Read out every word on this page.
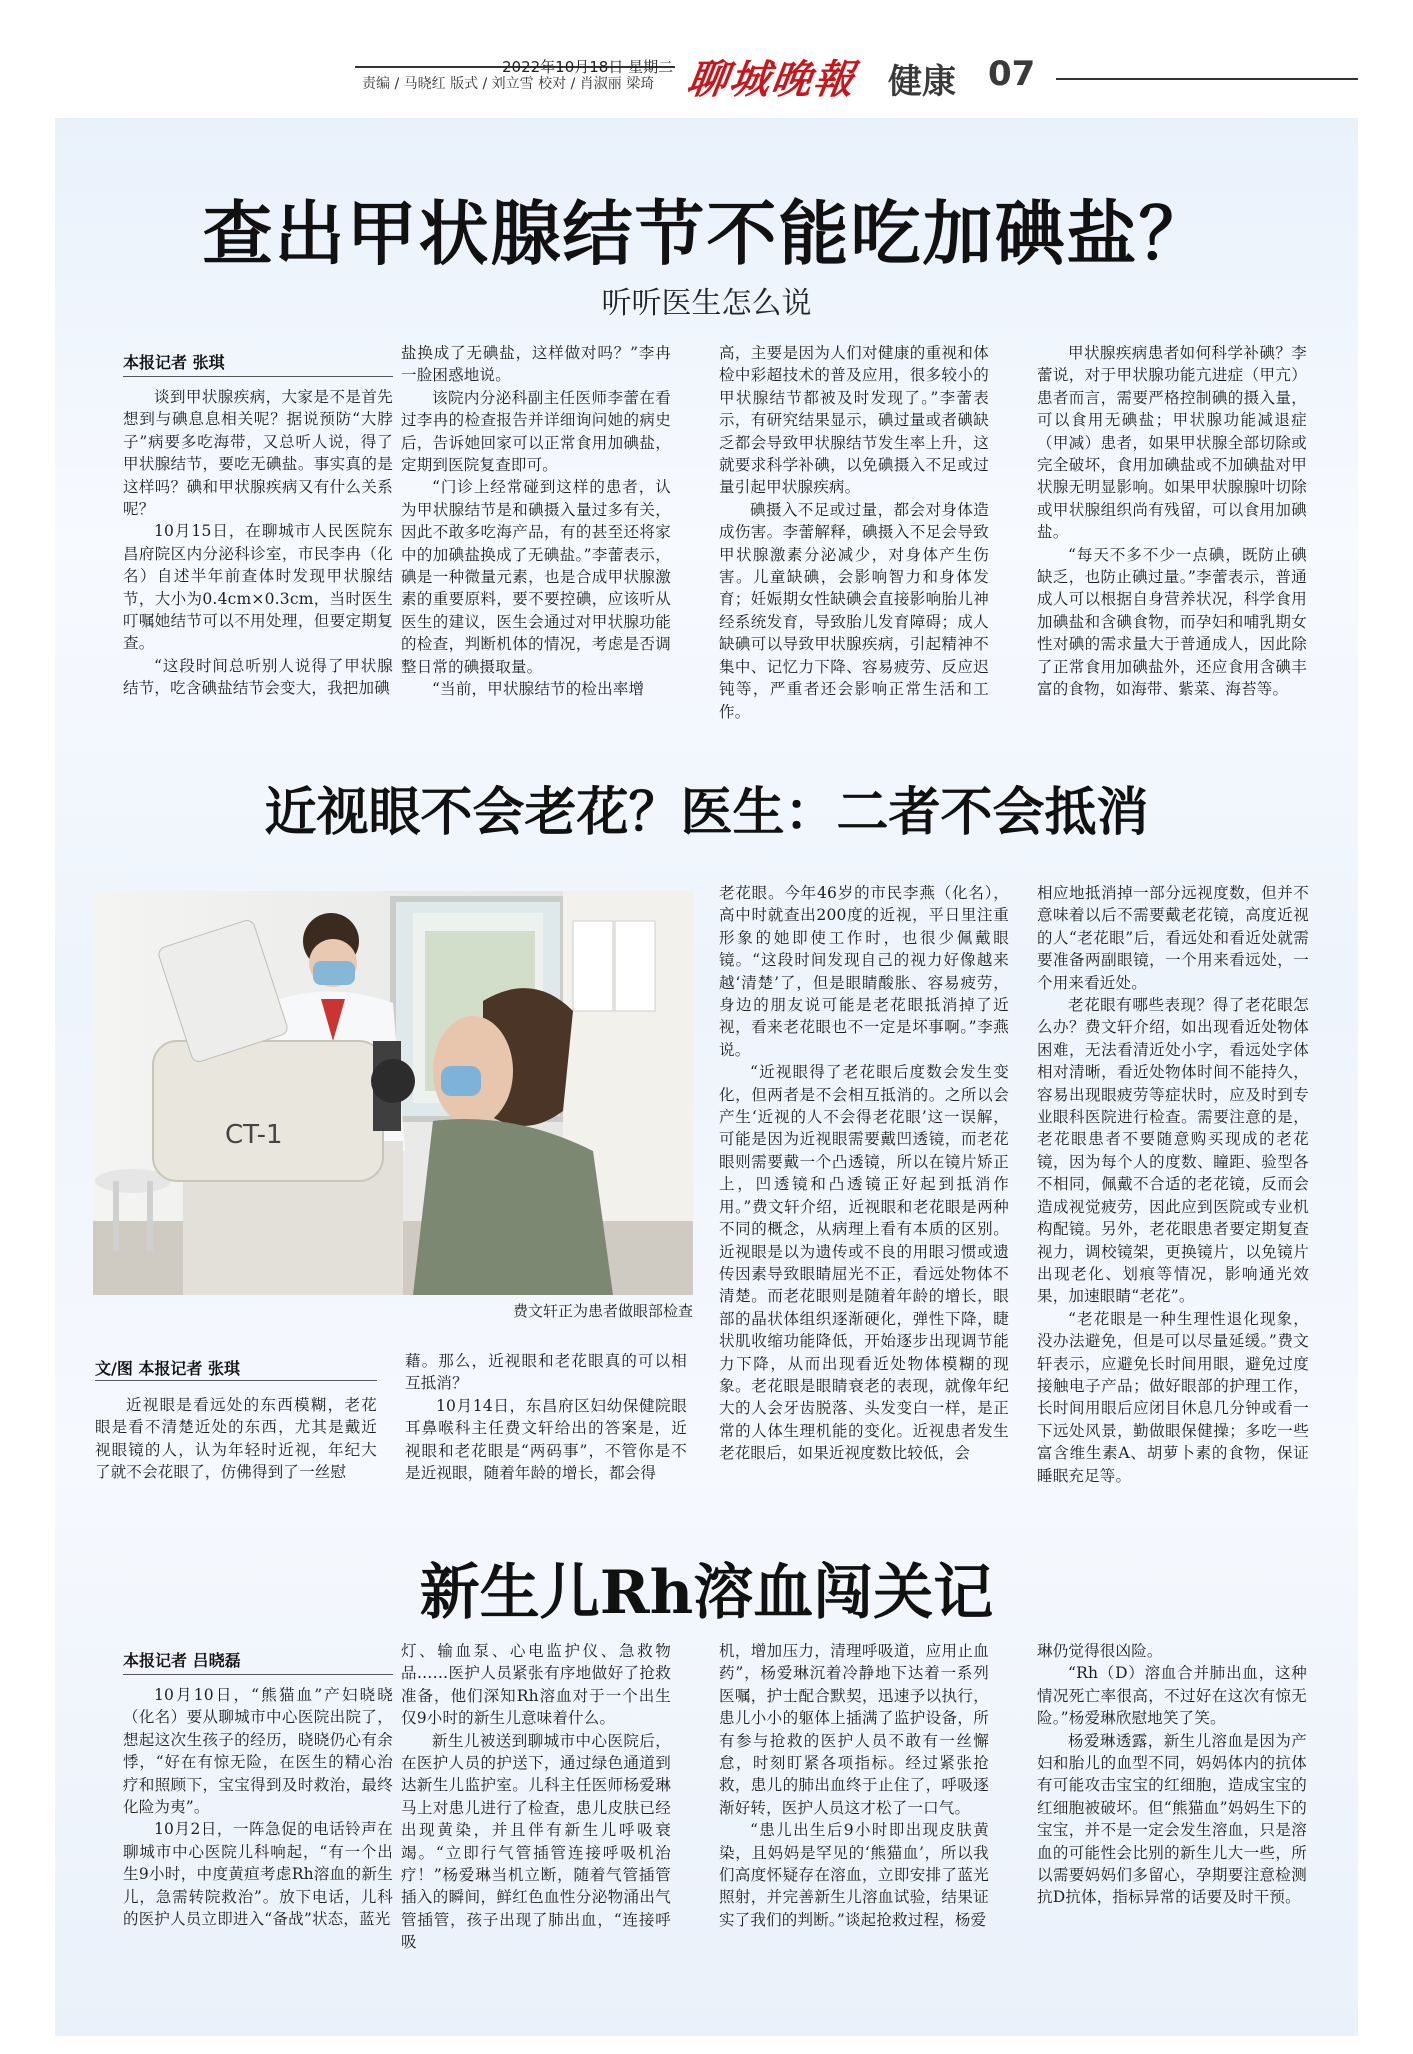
2022年10月18日 星期二
责编 / 马晓红 版式 / 刘立雪 校对 / 肖淑丽 梁琦 聊城晚報 健康 07
查出甲状腺结节不能吃加碘盐？
听听医生怎么说
本报记者 张琪

谈到甲状腺疾病，大家是不是首先想到与碘息息相关呢？据说预防“大脖子”病要多吃海带，又总听人说，得了甲状腺结节，要吃无碘盐。事实真的是这样吗？碘和甲状腺疾病又有什么关系呢？

10月15日，在聊城市人民医院东昌府院区内分泌科诊室，市民李冉（化名）自述半年前查体时发现甲状腺结节，大小为0.4cm×0.3cm，当时医生叮嘱她结节可以不用处理，但要定期复查。

“这段时间总听别人说得了甲状腺结节，吃含碘盐结节会变大，我把加碘

盐换成了无碘盐，这样做对吗？”李冉一脸困惑地说。

该院内分泌科副主任医师李蕾在看过李冉的检查报告并详细询问她的病史后，告诉她回家可以正常食用加碘盐，定期到医院复查即可。

“门诊上经常碰到这样的患者，认为甲状腺结节是和碘摄入量过多有关，因此不敢多吃海产品，有的甚至还将家中的加碘盐换成了无碘盐。”李蕾表示，碘是一种微量元素，也是合成甲状腺激素的重要原料，要不要控碘，应该听从医生的建议，医生会通过对甲状腺功能的检查，判断机体的情况，考虑是否调整日常的碘摄取量。

“当前，甲状腺结节的检出率增

高，主要是因为人们对健康的重视和体检中彩超技术的普及应用，很多较小的甲状腺结节都被及时发现了。”李蕾表示，有研究结果显示，碘过量或者碘缺乏都会导致甲状腺结节发生率上升，这就要求科学补碘，以免碘摄入不足或过量引起甲状腺疾病。

碘摄入不足或过量，都会对身体造成伤害。李蕾解释，碘摄入不足会导致甲状腺激素分泌减少，对身体产生伤害。儿童缺碘，会影响智力和身体发育；妊娠期女性缺碘会直接影响胎儿神经系统发育，导致胎儿发育障碍；成人缺碘可以导致甲状腺疾病，引起精神不集中、记忆力下降、容易疲劳、反应迟钝等，严重者还会影响正常生活和工作。

甲状腺疾病患者如何科学补碘？李蕾说，对于甲状腺功能亢进症（甲亢）患者而言，需要严格控制碘的摄入量，可以食用无碘盐；甲状腺功能减退症（甲减）患者，如果甲状腺全部切除或完全破坏，食用加碘盐或不加碘盐对甲状腺无明显影响。如果甲状腺腺叶切除或甲状腺组织尚有残留，可以食用加碘盐。

“每天不多不少一点碘，既防止碘缺乏，也防止碘过量。”李蕾表示，普通成人可以根据自身营养状况，科学食用加碘盐和含碘食物，而孕妇和哺乳期女性对碘的需求量大于普通成人，因此除了正常食用加碘盐外，还应食用含碘丰富的食物，如海带、紫菜、海苔等。

近视眼不会老花？医生：二者不会抵消
CT-1
费文轩正为患者做眼部检查
文/图 本报记者 张琪

近视眼是看远处的东西模糊，老花眼是看不清楚近处的东西，尤其是戴近视眼镜的人，认为年轻时近视，年纪大了就不会花眼了，仿佛得到了一丝慰

藉。那么，近视眼和老花眼真的可以相互抵消？

10月14日，东昌府区妇幼保健院眼耳鼻喉科主任费文轩给出的答案是，近视眼和老花眼是“两码事”，不管你是不是近视眼，随着年龄的增长，都会得

老花眼。今年46岁的市民李燕（化名），高中时就查出200度的近视，平日里注重形象的她即使工作时，也很少佩戴眼镜。“这段时间发现自己的视力好像越来越‘清楚’了，但是眼睛酸胀、容易疲劳，身边的朋友说可能是老花眼抵消掉了近视，看来老花眼也不一定是坏事啊。”李燕说。

“近视眼得了老花眼后度数会发生变化，但两者是不会相互抵消的。之所以会产生‘近视的人不会得老花眼’这一误解，可能是因为近视眼需要戴凹透镜，而老花眼则需要戴一个凸透镜，所以在镜片矫正上，凹透镜和凸透镜正好起到抵消作用。”费文轩介绍，近视眼和老花眼是两种不同的概念，从病理上看有本质的区别。近视眼是以为遗传或不良的用眼习惯或遗传因素导致眼睛屈光不正，看远处物体不清楚。而老花眼则是随着年龄的增长，眼部的晶状体组织逐渐硬化，弹性下降，睫状肌收缩功能降低，开始逐步出现调节能力下降，从而出现看近处物体模糊的现象。老花眼是眼睛衰老的表现，就像年纪大的人会牙齿脱落、头发变白一样，是正常的人体生理机能的变化。近视患者发生老花眼后，如果近视度数比较低，会

相应地抵消掉一部分远视度数，但并不意味着以后不需要戴老花镜，高度近视的人“老花眼”后，看远处和看近处就需要准备两副眼镜，一个用来看远处，一个用来看近处。

老花眼有哪些表现？得了老花眼怎么办？费文轩介绍，如出现看近处物体困难，无法看清近处小字，看远处字体相对清晰，看近处物体时间不能持久，容易出现眼疲劳等症状时，应及时到专业眼科医院进行检查。需要注意的是，老花眼患者不要随意购买现成的老花镜，因为每个人的度数、瞳距、验型各不相同，佩戴不合适的老花镜，反而会造成视觉疲劳，因此应到医院或专业机构配镜。另外，老花眼患者要定期复查视力，调校镜架，更换镜片，以免镜片出现老化、划痕等情况，影响通光效果，加速眼睛“老花”。

“老花眼是一种生理性退化现象，没办法避免，但是可以尽量延缓。”费文轩表示，应避免长时间用眼，避免过度接触电子产品；做好眼部的护理工作，长时间用眼后应闭目休息几分钟或看一下远处风景，勤做眼保健操；多吃一些富含维生素A、胡萝卜素的食物，保证睡眠充足等。

新生儿Rh溶血闯关记
本报记者 吕晓磊

10月10日，“熊猫血”产妇晓晓（化名）要从聊城市中心医院出院了，想起这次生孩子的经历，晓晓仍心有余悸，“好在有惊无险，在医生的精心治疗和照顾下，宝宝得到及时救治，最终化险为夷”。

10月2日，一阵急促的电话铃声在聊城市中心医院儿科响起，“有一个出生9小时，中度黄疸考虑Rh溶血的新生儿，急需转院救治”。放下电话，儿科的医护人员立即进入“备战”状态，蓝光

灯、输血泵、心电监护仪、急救物品……医护人员紧张有序地做好了抢救准备，他们深知Rh溶血对于一个出生仅9小时的新生儿意味着什么。

新生儿被送到聊城市中心医院后，在医护人员的护送下，通过绿色通道到达新生儿监护室。儿科主任医师杨爱琳马上对患儿进行了检查，患儿皮肤已经出现黄染，并且伴有新生儿呼吸衰竭。“立即行气管插管连接呼吸机治疗！”杨爱琳当机立断，随着气管插管插入的瞬间，鲜红色血性分泌物涌出气管插管，孩子出现了肺出血，“连接呼吸

机，增加压力，清理呼吸道，应用止血药”，杨爱琳沉着冷静地下达着一系列医嘱，护士配合默契，迅速予以执行，患儿小小的躯体上插满了监护设备，所有参与抢救的医护人员不敢有一丝懈怠，时刻盯紧各项指标。经过紧张抢救，患儿的肺出血终于止住了，呼吸逐渐好转，医护人员这才松了一口气。

“患儿出生后9小时即出现皮肤黄染，且妈妈是罕见的‘熊猫血’，所以我们高度怀疑存在溶血，立即安排了蓝光照射，并完善新生儿溶血试验，结果证实了我们的判断。”谈起抢救过程，杨爱

琳仍觉得很凶险。

“Rh（D）溶血合并肺出血，这种情况死亡率很高，不过好在这次有惊无险。”杨爱琳欣慰地笑了笑。

杨爱琳透露，新生儿溶血是因为产妇和胎儿的血型不同，妈妈体内的抗体有可能攻击宝宝的红细胞，造成宝宝的红细胞被破坏。但“熊猫血”妈妈生下的宝宝，并不是一定会发生溶血，只是溶血的可能性会比别的新生儿大一些，所以需要妈妈们多留心，孕期要注意检测抗D抗体，指标异常的话要及时干预。
